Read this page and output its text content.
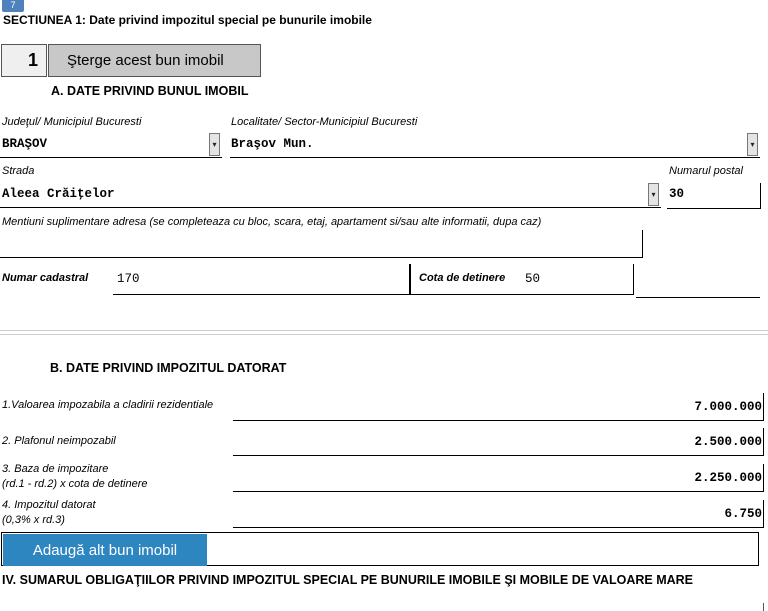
7
SECTIUNEA 1: Date privind impozitul special pe bunurile imobile
1	Şterge acest bun imobil
A. DATE PRIVIND BUNUL IMOBIL
Judeţul/ Municipiul Bucuresti
BRAŞOV	▾
Localitate/ Sector-Municipiul Bucuresti
Braşov Mun.	▾
Strada
Aleea Crăiţelor	▾
Numarul postal
30
Mentiuni suplimentare adresa (se completeaza cu bloc, scara, etaj, apartament si/sau alte informatii, dupa caz)
Numar cadastral 170	Cota de detinere 50
B. DATE PRIVIND IMPOZITUL DATORAT
1.Valoarea impozabila a cladirii rezidentiale	7.000.000
2. Plafonul neimpozabil	2.500.000
3. Baza de impozitare
(rd.1 - rd.2) x cota de detinere	2.250.000
4. Impozitul datorat
(0,3% x rd.3)	6.750
Adaugă alt bun imobil
IV. SUMARUL OBLIGAŢIILOR PRIVIND IMPOZITUL SPECIAL PE BUNURILE IMOBILE ŞI MOBILE DE VALOARE MARE
